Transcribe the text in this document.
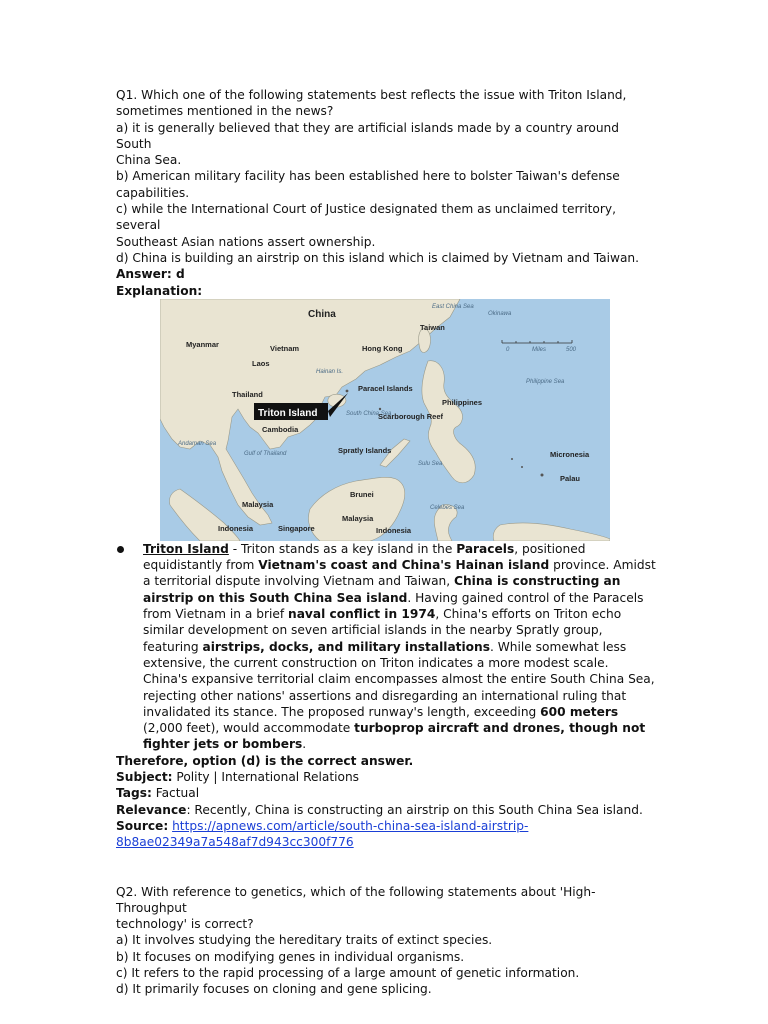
Q1. Which one of the following statements best reflects the issue with Triton Island,

sometimes mentioned in the news?

a) it is generally believed that they are artificial islands made by a country around South

China Sea.

b) American military facility has been established here to bolster Taiwan's defense

capabilities.

c) while the International Court of Justice designated them as unclaimed territory, several

Southeast Asian nations assert ownership.

d) China is building an airstrip on this island which is claimed by Vietnam and Taiwan.

Answer: d

Explanation:

0	Miles	500
China
East China Sea
Okinawa
Taiwan
Myanmar	Vietnam	Hong Kong
Laos
Hainan Is.
Thailand
Paracel Islands
Philippines
Philippine Sea
Triton Island
Cambodia
South China Sea
Scarborough Reef
Andaman Sea
Gulf of Thailand	Spratly Islands
Sulu Sea
Micronesia
Palau
Brunei
Malaysia
Malaysia
Celebes Sea
Indonesia	Singapore	Indonesia

Triton Island - Triton stands as a key island in the Paracels, positioned equidistantly from Vietnam's coast and China's Hainan island province. Amidst a territorial dispute involving Vietnam and Taiwan, China is constructing an airstrip on this South China Sea island. Having gained control of the Paracels from Vietnam in a brief naval conflict in 1974, China's efforts on Triton echo similar development on seven artificial islands in the nearby Spratly group, featuring airstrips, docks, and military installations. While somewhat less extensive, the current construction on Triton indicates a more modest scale. China's expansive territorial claim encompasses almost the entire South China Sea, rejecting other nations' assertions and disregarding an international ruling that invalidated its stance. The proposed runway's length, exceeding 600 meters (2,000 feet), would accommodate turboprop aircraft and drones, though not fighter jets or bombers.

Therefore, option (d) is the correct answer.

Subject: Polity | International Relations

Tags: Factual

Relevance: Recently, China is constructing an airstrip on this South China Sea island.

Source: https://apnews.com/article/south-china-sea-island-airstrip-

8b8ae02349a7a548af7d943cc300f776

Q2. With reference to genetics, which of the following statements about 'High-Throughput

technology' is correct?

a) It involves studying the hereditary traits of extinct species.

b) It focuses on modifying genes in individual organisms.

c) It refers to the rapid processing of a large amount of genetic information.

d) It primarily focuses on cloning and gene splicing.
